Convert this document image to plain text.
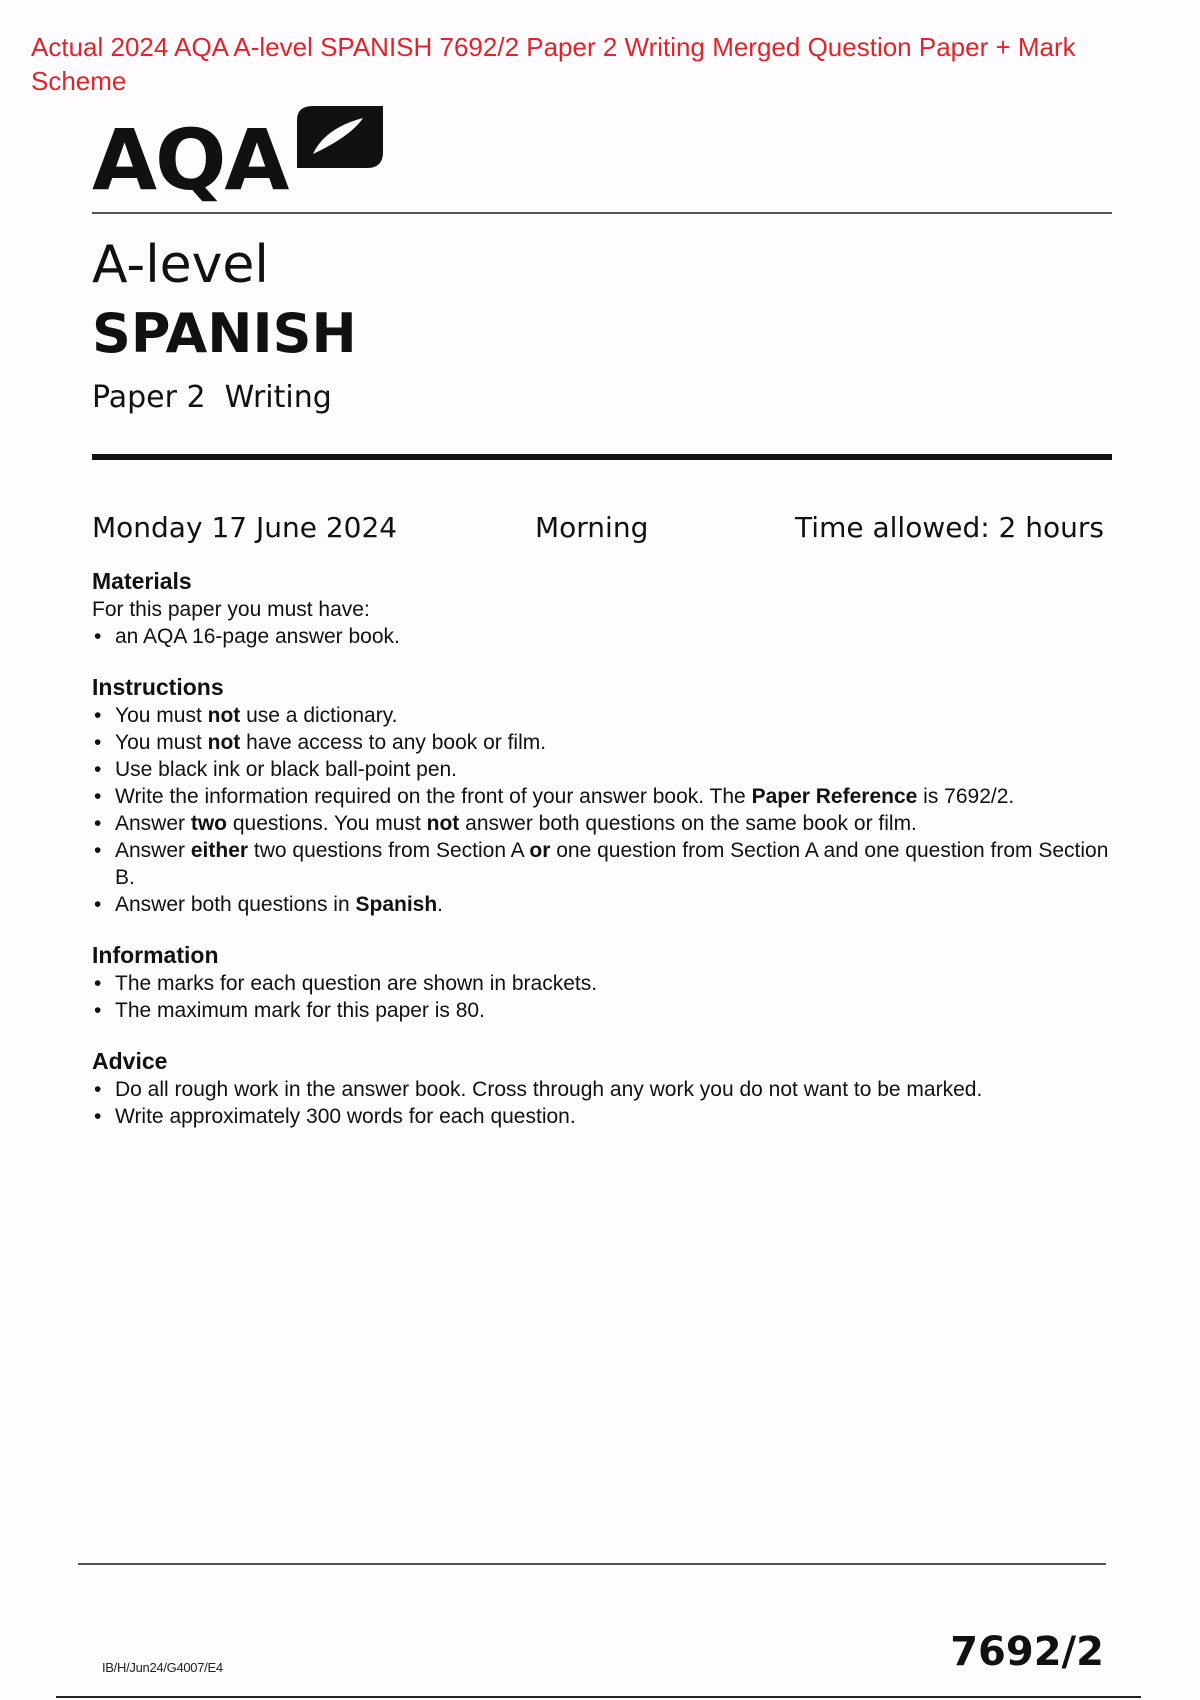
Actual 2024 AQA A-level SPANISH 7692/2 Paper 2 Writing Merged Question Paper + Mark Scheme
AQA
A-level
SPANISH
Paper 2  Writing
Monday 17 June 2024	Morning	Time allowed: 2 hours
Materials

For this paper you must have:

• an AQA 16-page answer book.
Instructions
• You must not use a dictionary.
• You must not have access to any book or film.
• Use black ink or black ball-point pen.
• Write the information required on the front of your answer book. The Paper Reference is 7692/2.
• Answer two questions. You must not answer both questions on the same book or film.
• Answer either two questions from Section A or one question from Section A and one question from Section B.
• Answer both questions in Spanish.
Information
• The marks for each question are shown in brackets.
• The maximum mark for this paper is 80.
Advice
• Do all rough work in the answer book. Cross through any work you do not want to be marked.
• Write approximately 300 words for each question.
IB/H/Jun24/G4007/E4	7692/2
